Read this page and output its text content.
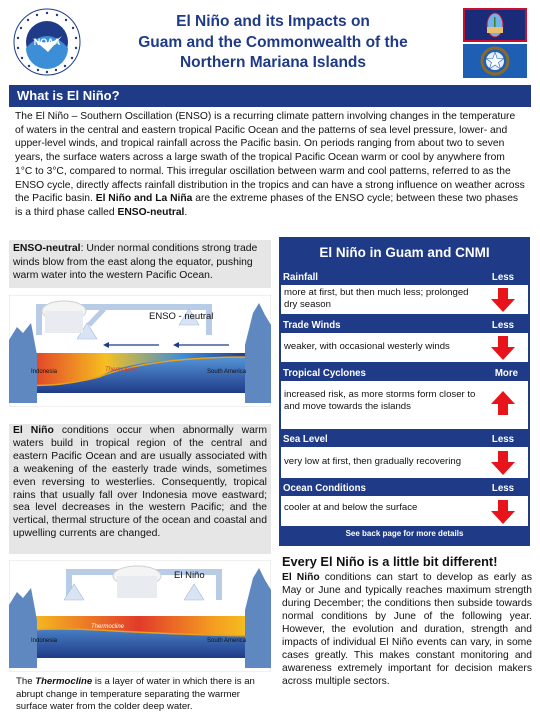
NOAA
El Niño and its Impacts on
Guam and the Commonwealth of the
Northern Mariana Islands
What is El Niño?
The El Niño – Southern Oscillation (ENSO) is a recurring climate pattern involving changes in the temperature of waters in the central and eastern tropical Pacific Ocean and the patterns of sea level pressure, lower- and upper-level winds, and tropical rainfall across the Pacific basin. On periods ranging from about two to seven years, the surface waters across a large swath of the tropical Pacific Ocean warm or cool by anywhere from 1°C to 3°C, compared to normal. This irregular oscillation between warm and cool patterns, referred to as the ENSO cycle, directly affects rainfall distribution in the tropics and can have a strong influence on weather across the Pacific basin. El Niño and La Niña are the extreme phases of the ENSO cycle; between these two phases is a third phase called ENSO-neutral.
ENSO-neutral: Under normal conditions strong trade winds blow from the east along the equator, pushing warm water into the western Pacific Ocean.
ENSO - neutral
Indonesia	South America
Thermocline
El Niño conditions occur when abnormally warm waters build in tropical region of the central and eastern Pacific Ocean and are usually associated with a weakening of the easterly trade winds, sometimes even reversing to westerlies. Consequently, tropical rains that usually fall over Indonesia move eastward; sea level decreases in the western Pacific; and the vertical, thermal structure of the ocean and coastal and upwelling currents are changed.
El Niño
Indonesia	South America
Thermocline
The Thermocline is a layer of water in which there is an abrupt change in temperature separating the warmer surface water from the colder deep water.
El Niño in Guam and CNMI
Rainfall	Less
more at first, but then much less; prolonged dry season
Trade Winds	Less
weaker, with occasional westerly winds
Tropical Cyclones	More
increased risk, as more storms form closer to and move towards the islands
Sea Level	Less
very low at first, then gradually recovering
Ocean Conditions	Less
cooler at and below the surface
See back page for more details
Every El Niño is a little bit different!
El Niño conditions can start to develop as early as May or June and typically reaches maximum strength during December; the conditions then subside towards normal conditions by June of the following year. However, the evolution and duration, strength and impacts of individual El Niño events can vary, in some cases greatly. This makes constant monitoring and awareness extremely important for decision makers across multiple sectors.
